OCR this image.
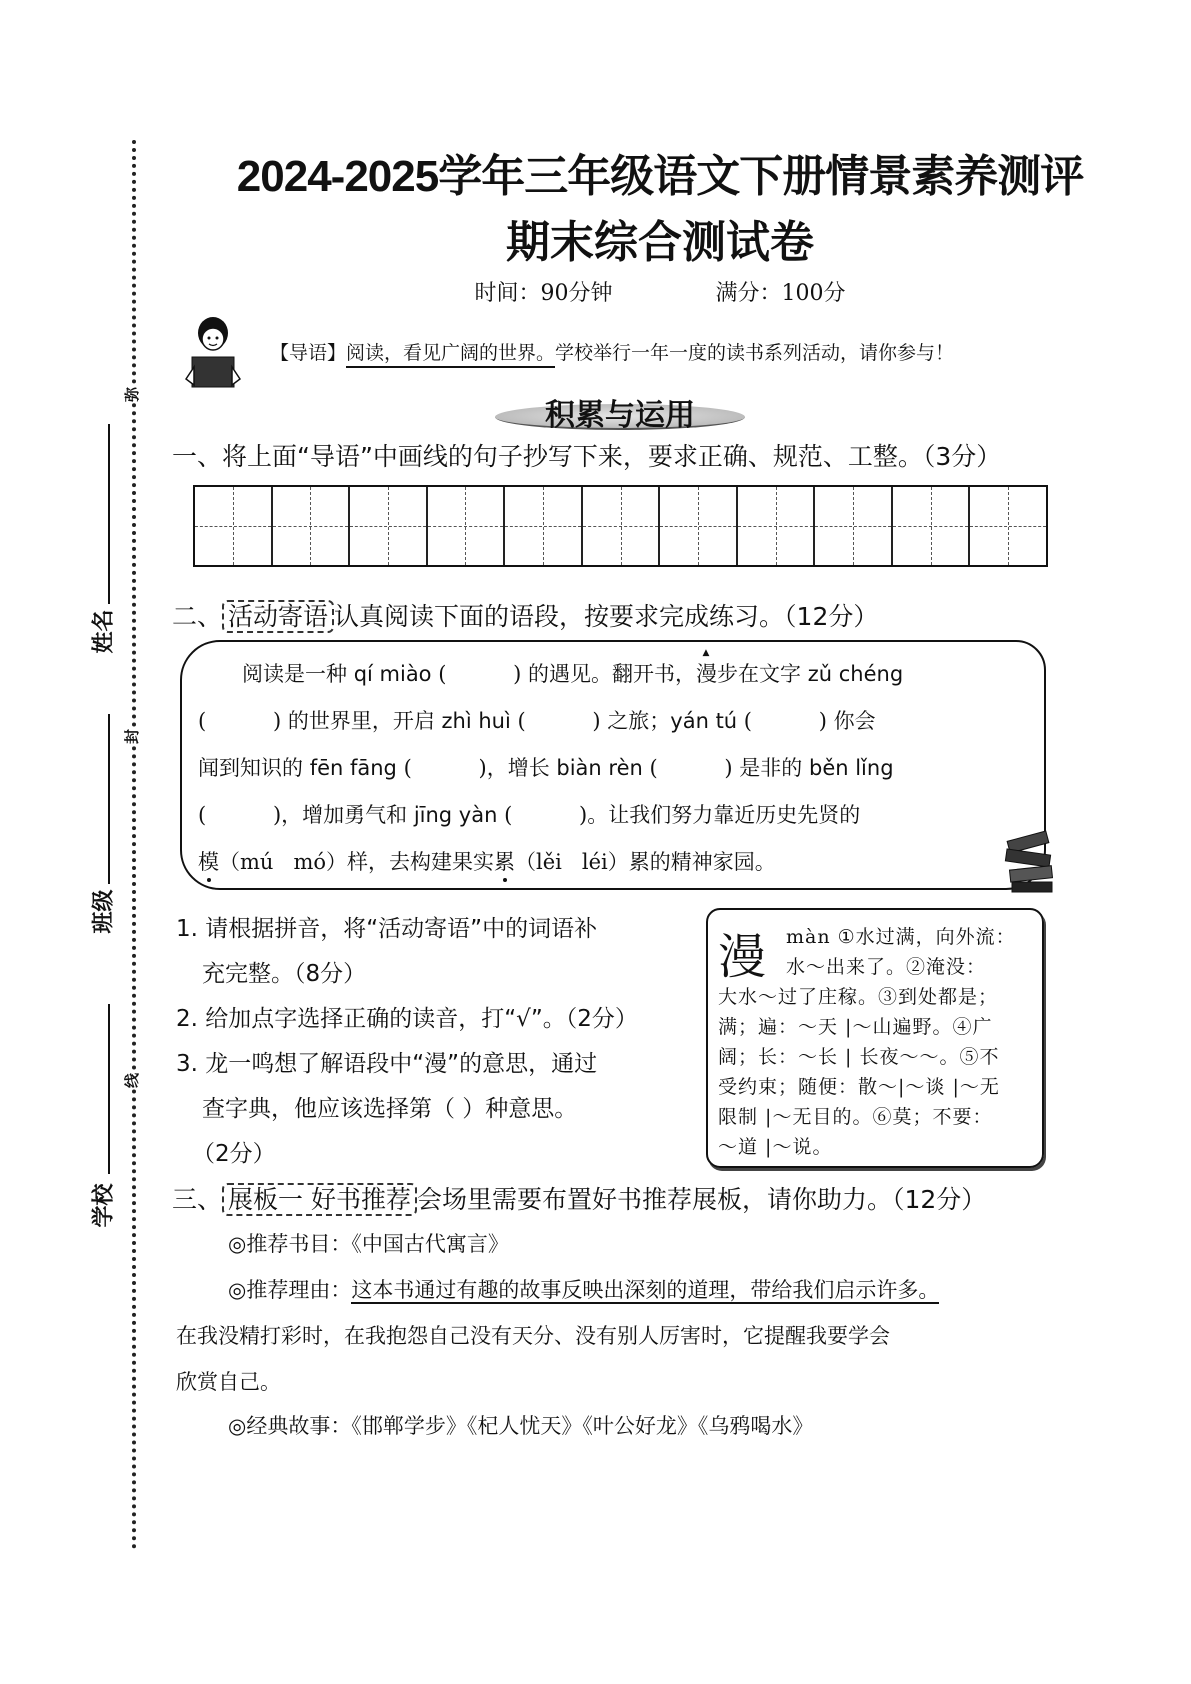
弥
封
线
姓名
班级
学校
2024-2025学年三年级语文下册情景素养测评
期末综合测试卷
时间：90分钟	满分：100分
【导语】阅读，看见广阔的世界。学校举行一年一度的读书系列活动，请你参与！
积累与运用
一、将上面“导语”中画线的句子抄写下来，要求正确、规范、工整。（3分）
二、 活动寄语 认真阅读下面的语段，按要求完成练习。（12分）
阅读是一种 qí miào (          ) 的遇见。翻开书，漫 ▲步在文字 zǔ chéng
(          ) 的世界里，开启 zhì huì (          ) 之旅；yán tú (          ) 你会
闻到知识的 fēn fāng (          )，增长 biàn rèn (          ) 是非的 běn lǐng
(          )，增加勇气和 jīng yàn (          )。让我们努力靠近历史先贤的
模（mú   mó）样，去构建果实累（lěi   léi）累的精神家园。
1. 请根据拼音，将“活动寄语”中的词语补
充完整。（8分）
2. 给加点字选择正确的读音，打“√”。（2分）
3. 龙一鸣想了解语段中“漫”的意思，通过
查字典，他应该选择第（ ）种意思。
（2分）
漫 màn ①水过满，向外流：
水～出来了。②淹没：
大水～过了庄稼。③到处都是；
满；遍：～天 |～山遍野。④广
阔；长：～长 | 长夜～～。⑤不
受约束；随便：散～|～谈 |～无
限制 |～无目的。⑥莫；不要：
～道 |～说。
三、 展板一 好书推荐 会场里需要布置好书推荐展板，请你助力。（12分）
◎推荐书目：《中国古代寓言》
◎推荐理由：这本书通过有趣的故事反映出深刻的道理，带给我们启示许多。
在我没精打彩时，在我抱怨自己没有天分、没有别人厉害时，它提醒我要学会
欣赏自己。
◎经典故事：《邯郸学步》《杞人忧天》《叶公好龙》《乌鸦喝水》
